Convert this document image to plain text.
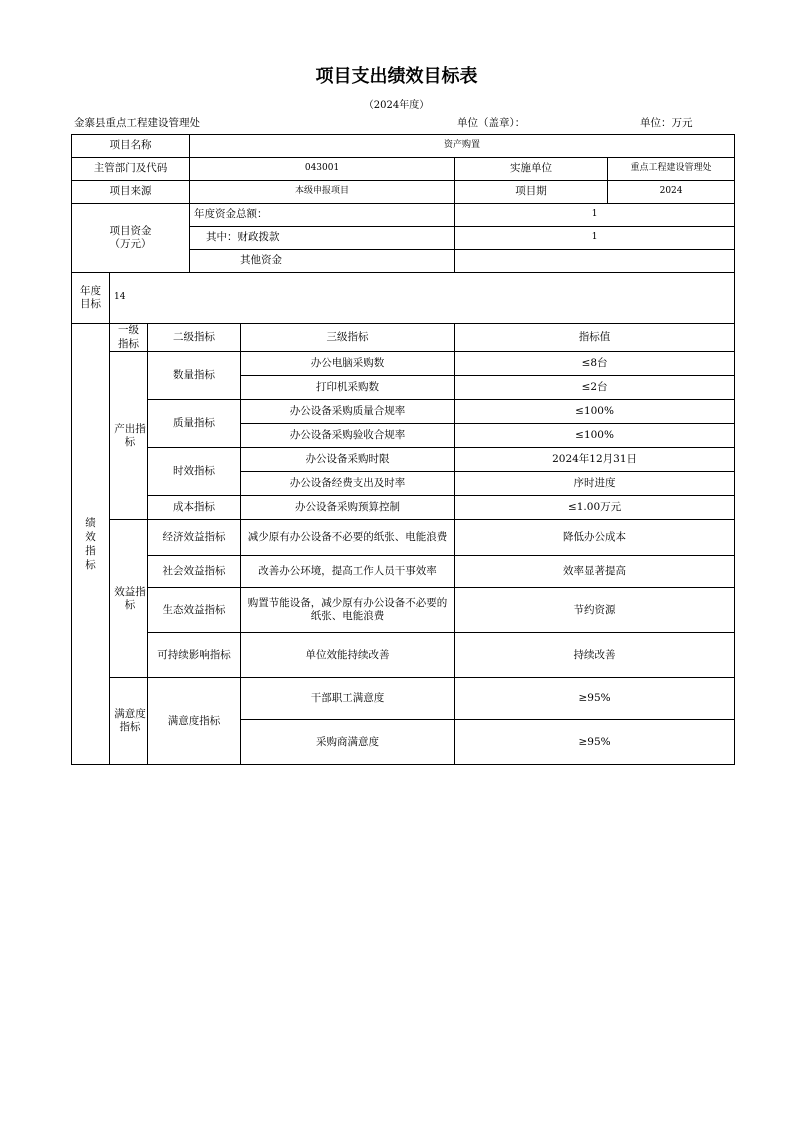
项目支出绩效目标表
（2024年度）
金寨县重点工程建设管理处	单位（盖章）：	单位：万元
项目名称			资产购置			
主管部门及代码			043001		实施单位	重点工程建设管理处
项目来源			本级申报项目		项目期	2024
项目资金（万元）			年度资金总额：		1	
			其中：财政拨款		1	
			其他资金			
年度目标	14					
绩效指标	一级指标	二级指标		三级指标	指标值	
	产出指标	数量指标		办公电脑采购数	≤8台	
				打印机采购数	≤2台	
		质量指标		办公设备采购质量合规率	≤100%	
				办公设备采购验收合规率	≤100%	
		时效指标		办公设备采购时限	2024年12月31日	
				办公设备经费支出及时率	序时进度	
		成本指标		办公设备采购预算控制	≤1.00万元	
	效益指标	经济效益指标		减少原有办公设备不必要的纸张、电能浪费	降低办公成本	
		社会效益指标		改善办公环境，提高工作人员干事效率	效率显著提高	
		生态效益指标		购置节能设备，减少原有办公设备不必要的纸张、电能浪费	节约资源	
		可持续影响指标		单位效能持续改善	持续改善	
	满意度指标	满意度指标		干部职工满意度	≥95%	
				采购商满意度	≥95%	
